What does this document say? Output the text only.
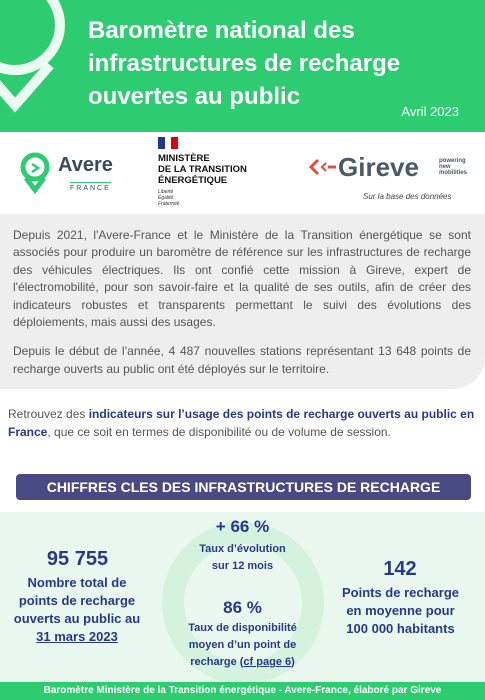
Baromètre national des
infrastructures de recharge
ouvertes au public
Avril 2023
Avere
FRANCE
MINISTÈRE
DE LA TRANSITION
ÉNERGÉTIQUE
Liberté
Égalité
Fraternité
Gireve	powering
new
mobilities
Sur la base des données

Depuis 2021, l'Avere-France et le Ministère de la Transition énergétique se sont associés pour produire un baromètre de référence sur les infrastructures de recharge des véhicules électriques. Ils ont confié cette mission à Gireve, expert de l'électromobilité, pour son savoir-faire et la qualité de ses outils, afin de créer des indicateurs robustes et transparents permettant le suivi des évolutions des déploiements, mais aussi des usages.

Depuis le début de l’année, 4 487 nouvelles stations représentant 13 648 points de recharge ouverts au public ont été déployés sur le territoire.

Retrouvez des indicateurs sur l’usage des points de recharge ouverts au public en France, que ce soit en termes de disponibilité ou de volume de session.
CHIFFRES CLES DES INFRASTRUCTURES DE RECHARGE
95 755
Nombre total de
points de recharge
ouverts au public au
31 mars 2023
+ 66 %
Taux d’évolution
sur 12 mois
86 %
Taux de disponibilité
moyen d’un point de
recharge (cf page 6)
142
Points de recharge
en moyenne pour
100 000 habitants
Baromètre Ministère de la Transition énergétique - Avere-France, élaboré par Gireve
